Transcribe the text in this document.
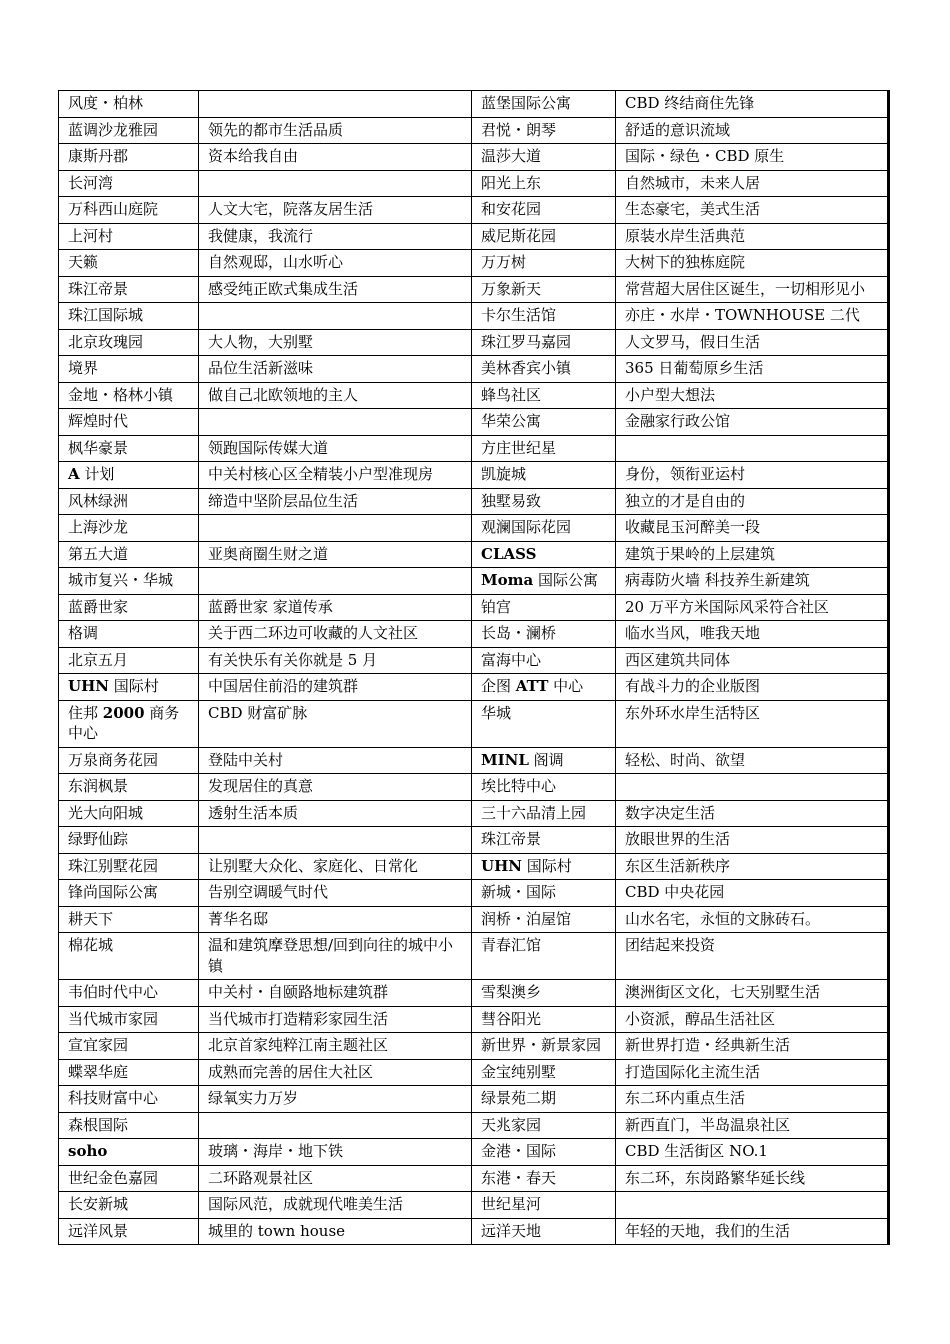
风度・柏林		蓝堡国际公寓	CBD 终结商住先锋
蓝调沙龙雅园	领先的都市生活品质	君悦・朗琴	舒适的意识流域
康斯丹郡	资本给我自由	温莎大道	国际・绿色・CBD 原生
长河湾		阳光上东	自然城市，未来人居
万科西山庭院	人文大宅，院落友居生活	和安花园	生态豪宅，美式生活
上河村	我健康，我流行	威尼斯花园	原装水岸生活典范
天籁	自然观邸，山水听心	万万树	大树下的独栋庭院
珠江帝景	感受纯正欧式集成生活	万象新天	常营超大居住区诞生，一切相形见小
珠江国际城		卡尔生活馆	亦庄・水岸・TOWNHOUSE 二代
北京玫瑰园	大人物，大别墅	珠江罗马嘉园	人文罗马，假日生活
境界	品位生活新滋味	美林香宾小镇	365 日葡萄原乡生活
金地・格林小镇	做自己北欧领地的主人	蜂鸟社区	小户型大想法
辉煌时代		华荣公寓	金融家行政公馆
枫华豪景	领跑国际传媒大道	方庄世纪星	
A 计划	中关村核心区全精装小户型准现房	凯旋城	身份，领衔亚运村
风林绿洲	缔造中坚阶层品位生活	独墅易致	独立的才是自由的
上海沙龙		观澜国际花园	收藏昆玉河醉美一段
第五大道	亚奥商圈生财之道	CLASS	建筑于果岭的上层建筑
城市复兴・华城		Moma 国际公寓	病毒防火墙 科技养生新建筑
蓝爵世家	蓝爵世家 家道传承	铂宫	20 万平方米国际风采符合社区
格调	关于西二环边可收藏的人文社区	长岛・澜桥	临水当风，唯我天地
北京五月	有关快乐有关你就是 5 月	富海中心	西区建筑共同体
UHN 国际村	中国居住前沿的建筑群	企图 ATT 中心	有战斗力的企业版图
住邦 2000 商务中心	CBD 财富矿脉	华城	东外环水岸生活特区
万泉商务花园	登陆中关村	MINL 阁调	轻松、时尚、欲望
东润枫景	发现居住的真意	埃比特中心	
光大向阳城	透射生活本质	三十六品清上园	数字决定生活
绿野仙踪		珠江帝景	放眼世界的生活
珠江别墅花园	让别墅大众化、家庭化、日常化	UHN 国际村	东区生活新秩序
锋尚国际公寓	告别空调暖气时代	新城・国际	CBD 中央花园
耕天下	菁华名邸	润桥・泊屋馆	山水名宅，永恒的文脉砖石。
棉花城	温和建筑摩登思想/回到向往的城中小镇	青春汇馆	团结起来投资
韦伯时代中心	中关村・自颐路地标建筑群	雪梨澳乡	澳洲街区文化，七天别墅生活
当代城市家园	当代城市打造精彩家园生活	彗谷阳光	小资派，醇品生活社区
宣宜家园	北京首家纯粹江南主题社区	新世界・新景家园	新世界打造・经典新生活
蝶翠华庭	成熟而完善的居住大社区	金宝纯别墅	打造国际化主流生活
科技财富中心	绿氧实力万岁	绿景苑二期	东二环内重点生活
森根国际		天兆家园	新西直门，半岛温泉社区
soho	玻璃・海岸・地下铁	金港・国际	CBD 生活街区 NO.1
世纪金色嘉园	二环路观景社区	东港・春天	东二环，东岗路繁华延长线
长安新城	国际风范，成就现代唯美生活	世纪星河	
远洋风景	城里的 town house	远洋天地	年轻的天地，我们的生活
